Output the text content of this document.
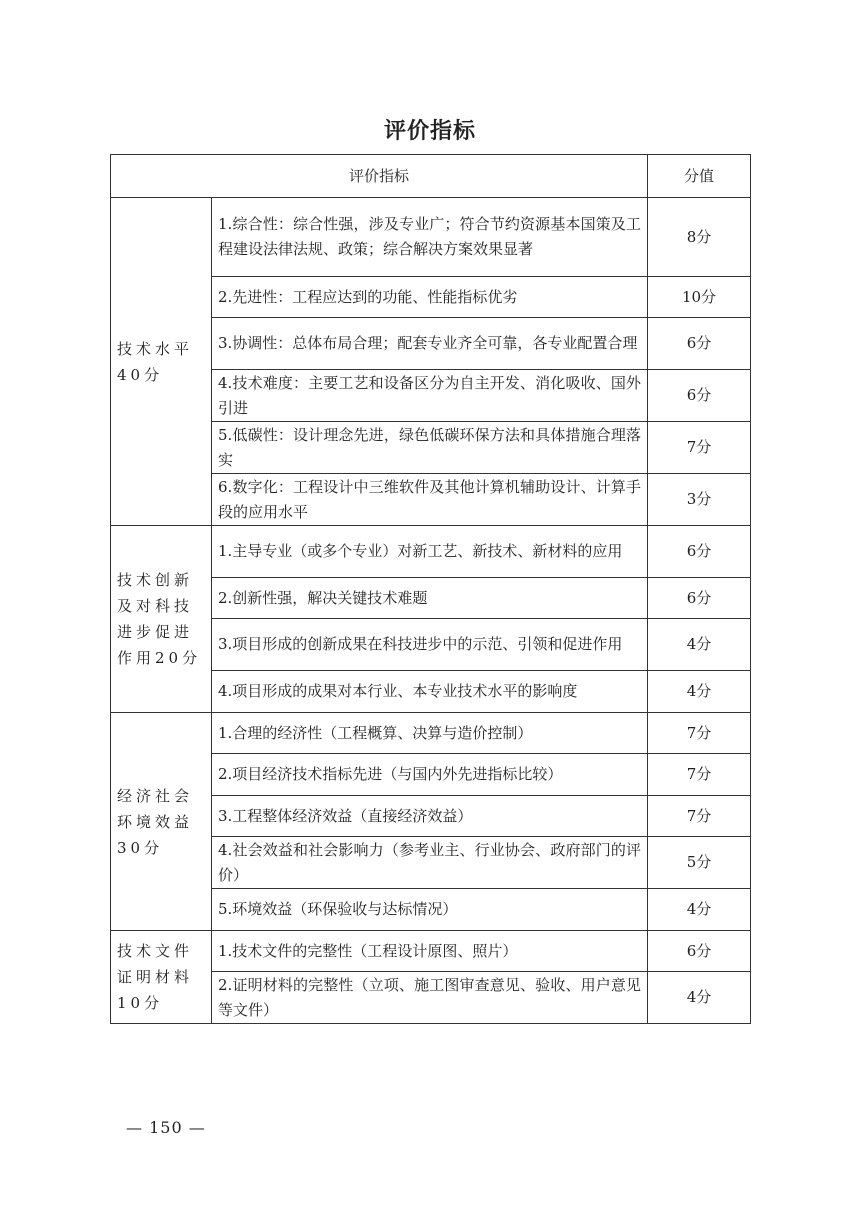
评价指标
评价指标		分值
技术水平40分	1.综合性：综合性强，涉及专业广；符合节约资源基本国策及工程建设法律法规、政策；综合解决方案效果显著	8分
	2.先进性：工程应达到的功能、性能指标优劣	10分
	3.协调性：总体布局合理；配套专业齐全可靠，各专业配置合理	6分
	4.技术难度：主要工艺和设备区分为自主开发、消化吸收、国外引进	6分
	5.低碳性：设计理念先进，绿色低碳环保方法和具体措施合理落实	7分
	6.数字化：工程设计中三维软件及其他计算机辅助设计、计算手段的应用水平	3分
技术创新及对科技进步促进作用20分	1.主导专业（或多个专业）对新工艺、新技术、新材料的应用	6分
	2.创新性强，解决关键技术难题	6分
	3.项目形成的创新成果在科技进步中的示范、引领和促进作用	4分
	4.项目形成的成果对本行业、本专业技术水平的影响度	4分
经济社会环境效益30分	1.合理的经济性（工程概算、决算与造价控制）	7分
	2.项目经济技术指标先进（与国内外先进指标比较）	7分
	3.工程整体经济效益（直接经济效益）	7分
	4.社会效益和社会影响力（参考业主、行业协会、政府部门的评价）	5分
	5.环境效益（环保验收与达标情况）	4分
技术文件证明材料10分	1.技术文件的完整性（工程设计原图、照片）	6分
	2.证明材料的完整性（立项、施工图审查意见、验收、用户意见等文件）	4分
— 150 —
